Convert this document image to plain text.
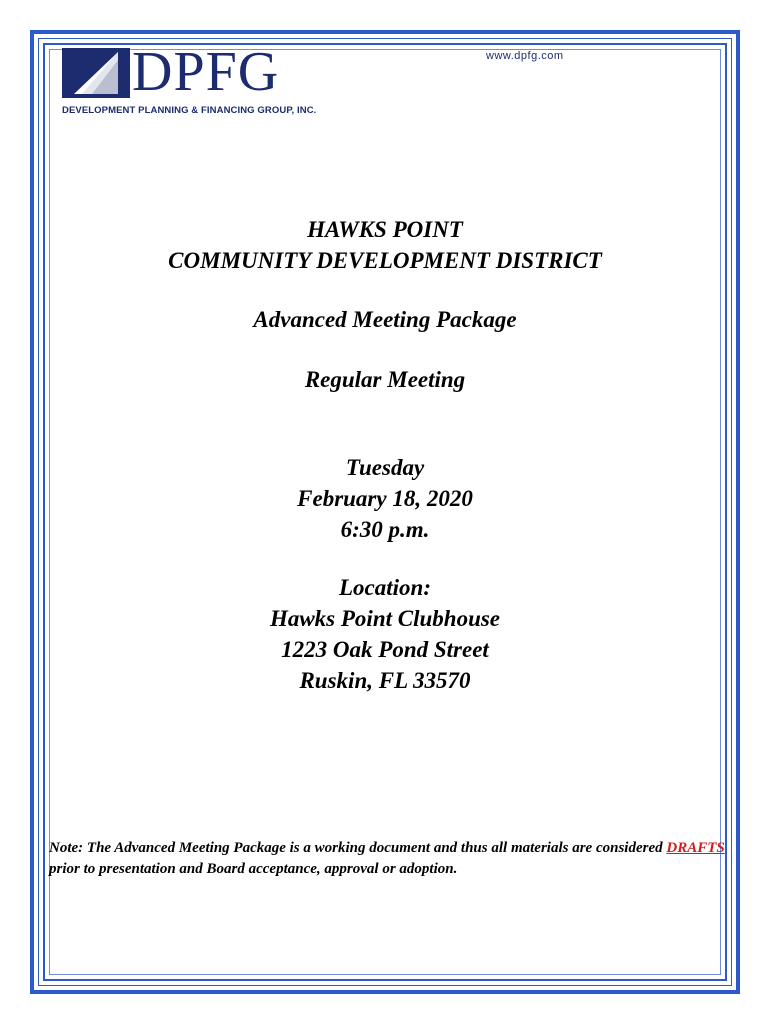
DPFG
DEVELOPMENT PLANNING & FINANCING GROUP, INC.
www.dpfg.com
HAWKS POINT
COMMUNITY DEVELOPMENT DISTRICT
Advanced Meeting Package
Regular Meeting
Tuesday
February 18, 2020
6:30 p.m.
Location:
Hawks Point Clubhouse
1223 Oak Pond Street
Ruskin, FL 33570
Note: The Advanced Meeting Package is a working document and thus all materials are considered DRAFTS prior to presentation and Board acceptance, approval or adoption.
